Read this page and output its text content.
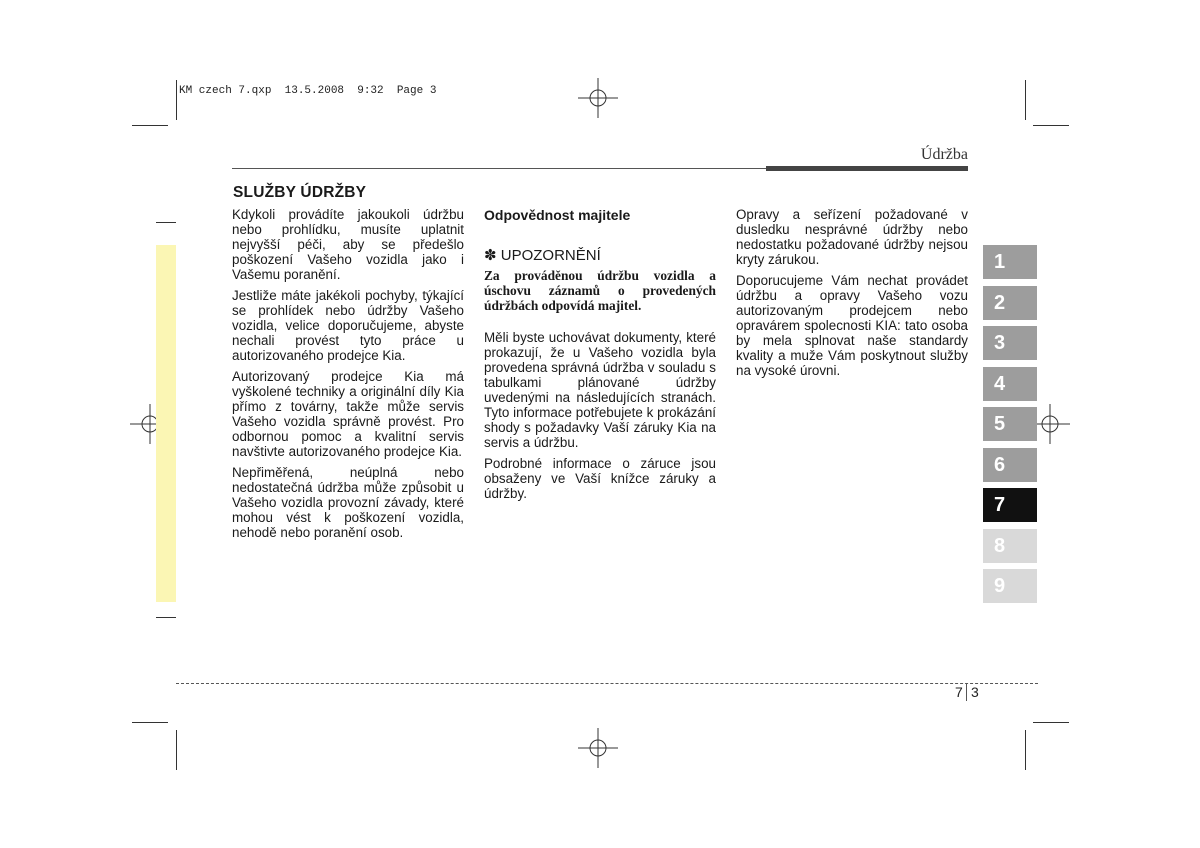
KM czech 7.qxp  13.5.2008  9:32  Page 3
Údržba
SLUŽBY ÚDRŽBY

Kdykoli provádíte jakoukoli údržbu nebo prohlídku, musíte uplatnit nejvyšší péči, aby se předešlo poškození Vašeho vozidla jako i Vašemu poranění.

Jestliže máte jakékoli pochyby, týkající se prohlídek nebo údržby Vašeho vozidla, velice doporučujeme, abyste nechali provést tyto práce u autorizovaného prodejce Kia.

Autorizovaný prodejce Kia má vyškolené techniky a originální díly Kia přímo z továrny, takže může servis Vašeho vozidla správně provést. Pro odbornou pomoc a kvalitní servis navštivte autorizovaného prodejce Kia.

Nepřiměřená, neúplná nebo nedostatečná údržba může způsobit u Vašeho vozidla provozní závady, které mohou vést k poškození vozidla, nehodě nebo poranění osob.

Odpovědnost majitele
✽ UPOZORNĚNÍ
Za prováděnou údržbu vozidla a úschovu záznamů o provedených údržbách odpovídá majitel.

Měli byste uchovávat dokumenty, které prokazují, že u Vašeho vozidla byla provedena správná údržba v souladu s tabulkami plánované údržby uvedenými na následujících stranách. Tyto informace potřebujete k prokázání shody s požadavky Vaší záruky Kia na servis a údržbu.

Podrobné informace o záruce jsou obsaženy ve Vaší knížce záruky a údržby.

Opravy a seřízení požadované v dusledku nesprávné údržby nebo nedostatku požadované údržby nejsou kryty zárukou.

Doporucujeme Vám nechat provádet údržbu a opravy Vašeho vozu autorizovaným prodejcem nebo opravárem spolecnosti KIA: tato osoba by mela splnovat naše standardy kvality a muže Vám poskytnout služby na vysoké úrovni.

1
2
3
4
5
6
7
8
9
7 3
